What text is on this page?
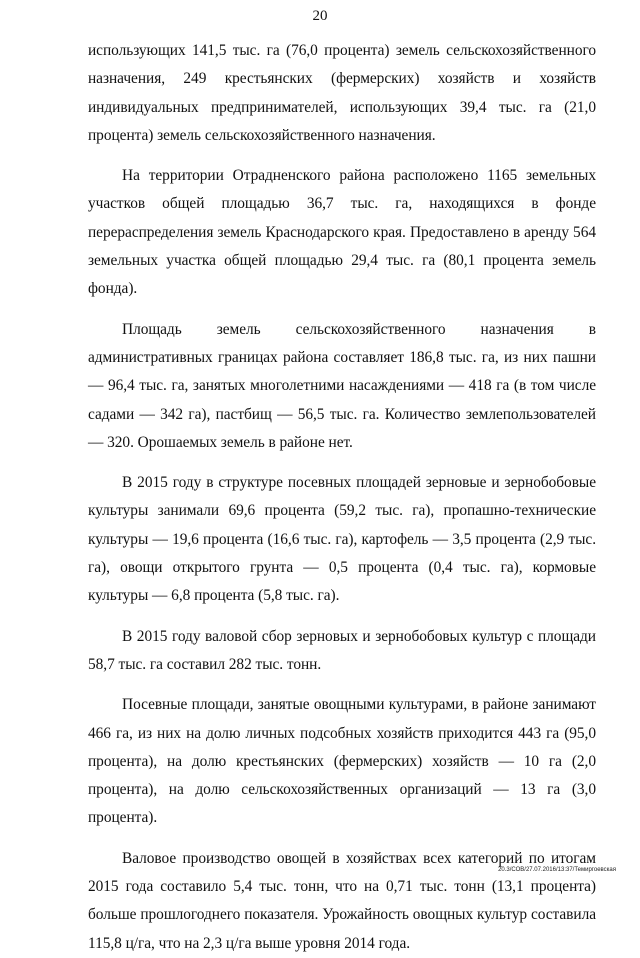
20

использующих 141,5 тыс. га (76,0 процента) земель сельскохозяйственного назначения, 249 крестьянских (фермерских) хозяйств и хозяйств индивидуальных предпринимателей, использующих 39,4 тыс. га (21,0 процента) земель сельскохозяйственного назначения.

На территории Отрадненского района расположено 1165 земельных участков общей площадью 36,7 тыс. га, находящихся в фонде перераспределения земель Краснодарского края. Предоставлено в аренду 564 земельных участка общей площадью 29,4 тыс. га (80,1 процента земель фонда).

Площадь земель сельскохозяйственного назначения в административных границах района составляет 186,8 тыс. га, из них пашни — 96,4 тыс. га, занятых многолетними насаждениями — 418 га (в том числе садами — 342 га), пастбищ — 56,5 тыс. га. Количество землепользователей — 320. Орошаемых земель в районе нет.

В 2015 году в структуре посевных площадей зерновые и зернобобовые культуры занимали 69,6 процента (59,2 тыс. га), пропашно-технические культуры — 19,6 процента (16,6 тыс. га), картофель — 3,5 процента (2,9 тыс. га), овощи открытого грунта — 0,5 процента (0,4 тыс. га), кормовые культуры — 6,8 процента (5,8 тыс. га).

В 2015 году валовой сбор зерновых и зернобобовых культур с площади 58,7 тыс. га составил 282 тыс. тонн.

Посевные площади, занятые овощными культурами, в районе занимают 466 га, из них на долю личных подсобных хозяйств приходится 443 га (95,0 процента), на долю крестьянских (фермерских) хозяйств — 10 га (2,0 процента), на долю сельскохозяйственных организаций — 13 га (3,0 процента).

Валовое производство овощей в хозяйствах всех категорий по итогам 2015 года составило 5,4 тыс. тонн, что на 0,71 тыс. тонн (13,1 процента) больше прошлогоднего показателя. Урожайность овощных культур составила 115,8 ц/га, что на 2,3 ц/га выше уровня 2014 года.

20.3/СОВ/27.07.2016/13:37/Темиргоевская
